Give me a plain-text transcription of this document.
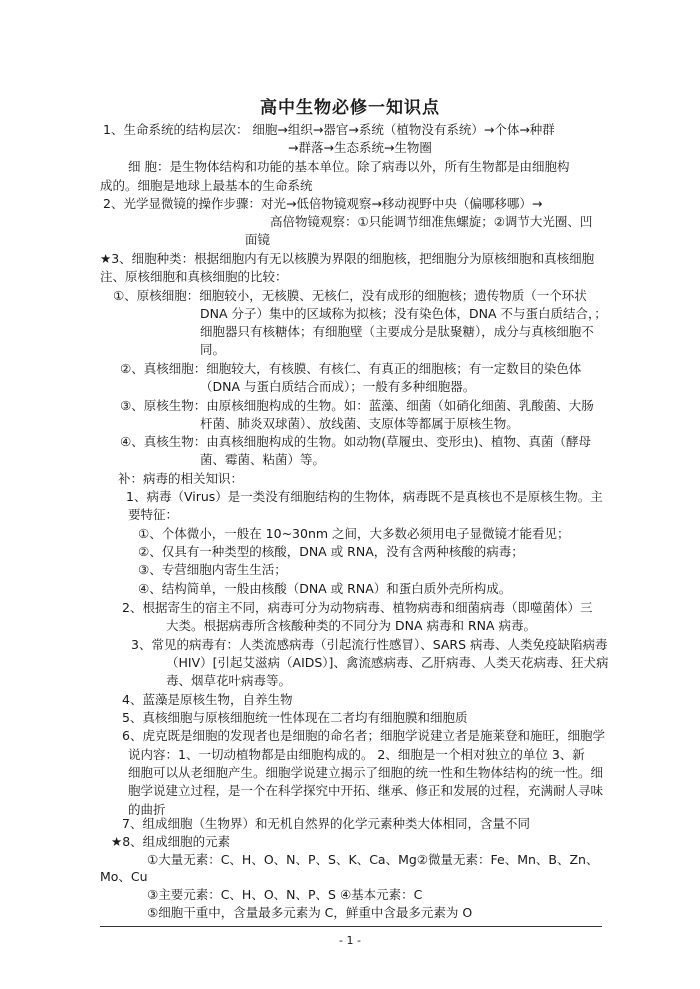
高中生物必修一知识点
1、生命系统的结构层次： 细胞→组织→器官→系统（植物没有系统）→个体→种群
→群落→生态系统→生物圈
细 胞：是生物体结构和功能的基本单位。除了病毒以外，所有生物都是由细胞构
成的。细胞是地球上最基本的生命系统
2、光学显微镜的操作步骤：对光→低倍物镜观察→移动视野中央（偏哪移哪）→
高倍物镜观察：①只能调节细准焦螺旋；②调节大光圈、凹
面镜
★3、细胞种类：根据细胞内有无以核膜为界限的细胞核，把细胞分为原核细胞和真核细胞
注、原核细胞和真核细胞的比较：
①、原核细胞：细胞较小，无核膜、无核仁，没有成形的细胞核；遗传物质（一个环状
DNA 分子）集中的区域称为拟核；没有染色体，DNA 不与蛋白质结合，；
细胞器只有核糖体；有细胞壁（主要成分是肽聚糖），成分与真核细胞不
同。
②、真核细胞：细胞较大，有核膜、有核仁、有真正的细胞核；有一定数目的染色体
（DNA 与蛋白质结合而成）；一般有多种细胞器。
③、原核生物：由原核细胞构成的生物。如：蓝藻、细菌（如硝化细菌、乳酸菌、大肠
杆菌、肺炎双球菌）、放线菌、支原体等都属于原核生物。
④、真核生物：由真核细胞构成的生物。如动物(草履虫、变形虫)、植物、真菌（酵母
菌、霉菌、粘菌）等。
补：病毒的相关知识：
1、病毒（Virus）是一类没有细胞结构的生物体，病毒既不是真核也不是原核生物。主
要特征：
①、个体微小，一般在 10~30nm 之间，大多数必须用电子显微镜才能看见；
②、仅具有一种类型的核酸，DNA 或 RNA，没有含两种核酸的病毒；
③、专营细胞内寄生生活；
④、结构简单，一般由核酸（DNA 或 RNA）和蛋白质外壳所构成。
2、根据寄生的宿主不同，病毒可分为动物病毒、植物病毒和细菌病毒（即噬菌体）三
大类。根据病毒所含核酸种类的不同分为 DNA 病毒和 RNA 病毒。
3、常见的病毒有：人类流感病毒（引起流行性感冒）、SARS 病毒、人类免疫缺陷病毒
（HIV）[引起艾滋病（AIDS）]、禽流感病毒、乙肝病毒、人类天花病毒、狂犬病
毒、烟草花叶病毒等。
4、蓝藻是原核生物，自养生物
5、真核细胞与原核细胞统一性体现在二者均有细胞膜和细胞质
6、虎克既是细胞的发现者也是细胞的命名者；细胞学说建立者是施莱登和施旺，细胞学
说内容：1、一切动植物都是由细胞构成的。 2、细胞是一个相对独立的单位 3、新
细胞可以从老细胞产生。细胞学说建立揭示了细胞的统一性和生物体结构的统一性。细
胞学说建立过程，是一个在科学探究中开拓、继承、修正和发展的过程，充满耐人寻味
的曲折
7、组成细胞（生物界）和无机自然界的化学元素种类大体相同，含量不同
★8、组成细胞的元素
①大量无素：C、H、O、N、P、S、K、Ca、Mg②微量无素：Fe、Mn、B、Zn、
Mo、Cu
③主要元素：C、H、O、N、P、S ④基本元素：C
- 1 -
⑤细胞干重中，含量最多元素为 C，鲜重中含最多元素为 O
